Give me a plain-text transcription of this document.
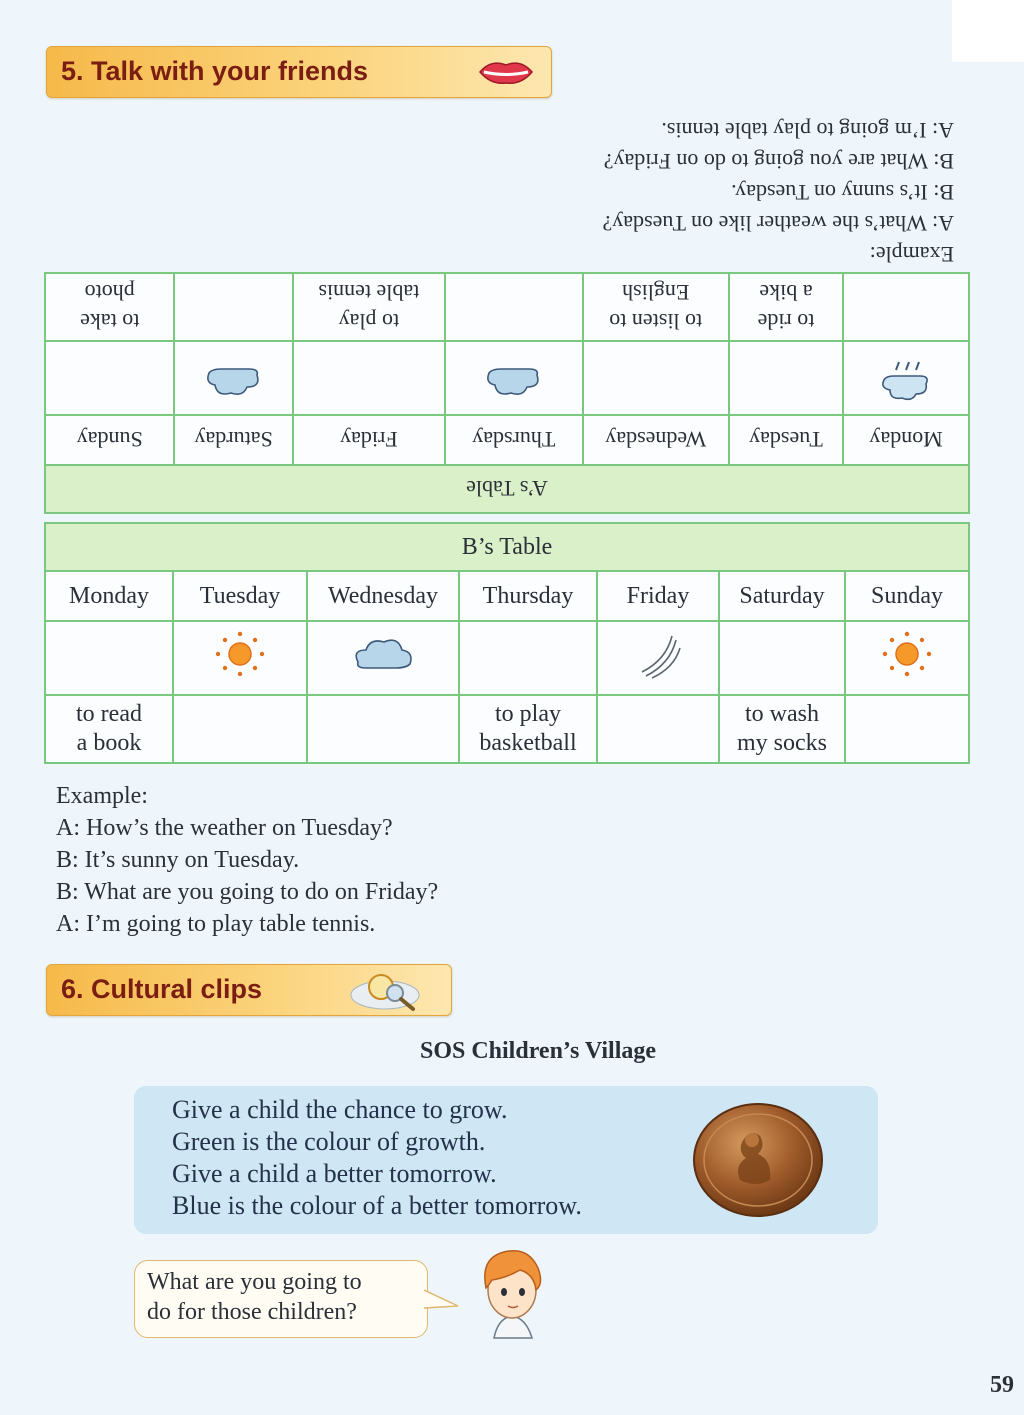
5. Talk with your friends
A’s Table						
Monday	Tuesday	Wednesday	Thursday	Friday	Saturday	Sunday

	to ride
a bike	to listen to
English		to play
table tennis		to take
photo
Example:
A: What’s the weather like on Tuesday?
B: It’s sunny on Tuesday.
B: What are you going to do on Friday?
A: I’m going to play table tennis.
B’s Table						
Monday	Tuesday	Wednesday	Thursday	Friday	Saturday	Sunday

to read
a book			to play
basketball		to wash
my socks	

Example:
A: How’s the weather on Tuesday?
B: It’s sunny on Tuesday.
B: What are you going to do on Friday?
A: I’m going to play table tennis.
6. Cultural clips
SOS Children’s Village
Give a child the chance to grow.
Green is the colour of growth.
Give a child a better tomorrow.
Blue is the colour of a better tomorrow.
What are you going to
do for those children?
59
